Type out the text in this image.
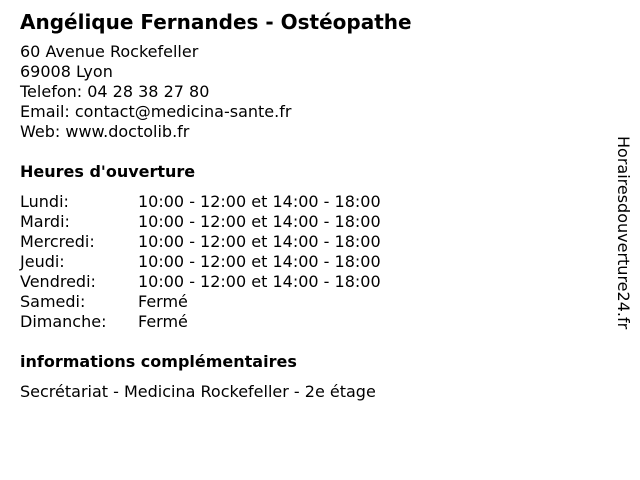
Angélique Fernandes - Ostéopathe
60 Avenue Rockefeller
69008 Lyon
Telefon: 04 28 38 27 80
Email: contact@medicina-sante.fr
Web: www.doctolib.fr
Heures d'ouverture
Lundi:	10:00 - 12:00 et 14:00 - 18:00
Mardi:	10:00 - 12:00 et 14:00 - 18:00
Mercredi:	10:00 - 12:00 et 14:00 - 18:00
Jeudi:	10:00 - 12:00 et 14:00 - 18:00
Vendredi:	10:00 - 12:00 et 14:00 - 18:00
Samedi:	Fermé
Dimanche:	Fermé
informations complémentaires
Secrétariat - Medicina Rockefeller - 2e étage
Horairesdouverture24.fr
